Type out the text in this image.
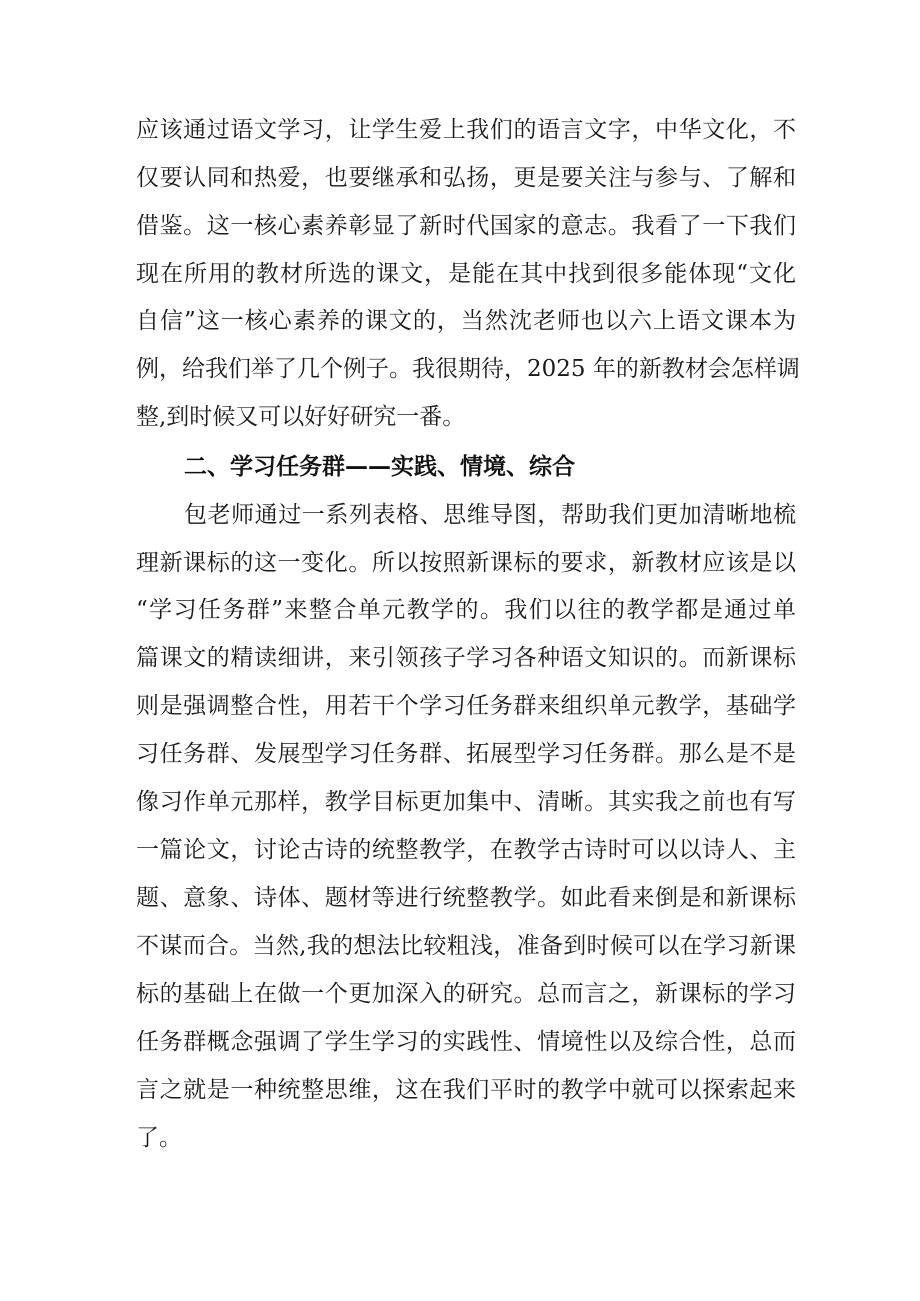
应该通过语文学习，让学生爱上我们的语言文字，中华文化，不
仅要认同和热爱，也要继承和弘扬，更是要关注与参与、了解和
借鉴。这一核心素养彰显了新时代国家的意志。我看了一下我们
现在所用的教材所选的课文，是能在其中找到很多能体现“文化
自信”这一核心素养的课文的，当然沈老师也以六上语文课本为
例，给我们举了几个例子。我很期待，2025 年的新教材会怎样调
整,到时候又可以好好研究一番。
二、学习任务群——实践、情境、综合
包老师通过一系列表格、思维导图，帮助我们更加清晰地梳
理新课标的这一变化。所以按照新课标的要求，新教材应该是以
“学习任务群”来整合单元教学的。我们以往的教学都是通过单
篇课文的精读细讲，来引领孩子学习各种语文知识的。而新课标
则是强调整合性，用若干个学习任务群来组织单元教学，基础学
习任务群、发展型学习任务群、拓展型学习任务群。那么是不是
像习作单元那样，教学目标更加集中、清晰。其实我之前也有写
一篇论文，讨论古诗的统整教学，在教学古诗时可以以诗人、主
题、意象、诗体、题材等进行统整教学。如此看来倒是和新课标
不谋而合。当然,我的想法比较粗浅，准备到时候可以在学习新课
标的基础上在做一个更加深入的研究。总而言之，新课标的学习
任务群概念强调了学生学习的实践性、情境性以及综合性，总而
言之就是一种统整思维，这在我们平时的教学中就可以探索起来
了。
